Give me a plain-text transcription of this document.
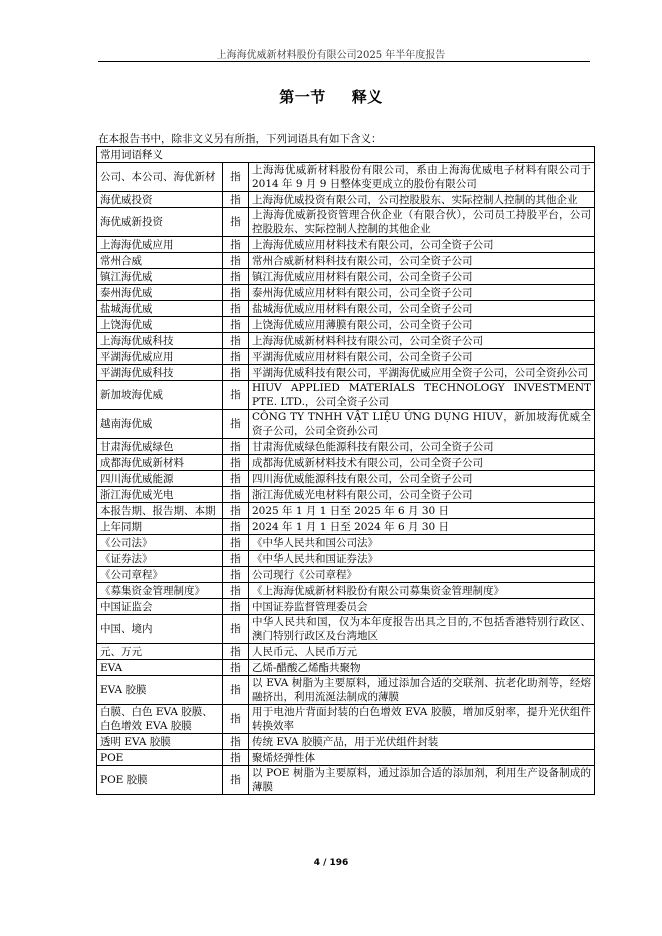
上海海优威新材料股份有限公司2025 年半年度报告
第一节 释义
在本报告书中，除非文义另有所指，下列词语具有如下含义：
常用词语释义		
公司、本公司、海优新材	指	上海海优威新材料股份有限公司，系由上海海优威电子材料有限公司于 2014 年 9 月 9 日整体变更成立的股份有限公司
海优威投资	指	上海海优威投资有限公司，公司控股股东、实际控制人控制的其他企业
海优威新投资	指	上海海优威新投资管理合伙企业（有限合伙），公司员工持股平台，公司控股股东、实际控制人控制的其他企业
上海海优威应用	指	上海海优威应用材料技术有限公司，公司全资子公司
常州合威	指	常州合威新材料科技有限公司，公司全资子公司
镇江海优威	指	镇江海优威应用材料有限公司，公司全资子公司
泰州海优威	指	泰州海优威应用材料有限公司，公司全资子公司
盐城海优威	指	盐城海优威应用材料有限公司，公司全资子公司
上饶海优威	指	上饶海优威应用薄膜有限公司，公司全资子公司
上海海优威科技	指	上海海优威新材料科技有限公司，公司全资子公司
平湖海优威应用	指	平湖海优威应用材料有限公司，公司全资子公司
平湖海优威科技	指	平湖海优威科技有限公司，平湖海优威应用全资子公司，公司全资孙公司
新加坡海优威	指	HIUV APPLIED MATERIALS TECHNOLOGY INVESTMENT PTE. LTD.，公司全资子公司
越南海优威	指	CÔNG TY TNHH VẬT LIỆU ỨNG DỤNG HIUV，新加坡海优威全资子公司，公司全资孙公司
甘肃海优威绿色	指	甘肃海优威绿色能源科技有限公司，公司全资子公司
成都海优威新材料	指	成都海优威新材料技术有限公司，公司全资子公司
四川海优威能源	指	四川海优威能源科技有限公司，公司全资子公司
浙江海优威光电	指	浙江海优威光电材料有限公司，公司全资子公司
本报告期、报告期、本期	指	2025 年 1 月 1 日至 2025 年 6 月 30 日
上年同期	指	2024 年 1 月 1 日至 2024 年 6 月 30 日
《公司法》	指	《中华人民共和国公司法》
《证券法》	指	《中华人民共和国证券法》
《公司章程》	指	公司现行《公司章程》
《募集资金管理制度》	指	《上海海优威新材料股份有限公司募集资金管理制度》
中国证监会	指	中国证券监督管理委员会
中国、境内	指	中华人民共和国，仅为本年度报告出具之目的,不包括香港特别行政区、澳门特别行政区及台湾地区
元、万元	指	人民币元、人民币万元
EVA	指	乙烯-醋酸乙烯酯共聚物
EVA 胶膜	指	以 EVA 树脂为主要原料，通过添加合适的交联剂、抗老化助剂等，经熔融挤出，利用流涎法制成的薄膜
白膜、白色 EVA 胶膜、白色增效 EVA 胶膜	指	用于电池片背面封装的白色增效 EVA 胶膜，增加反射率，提升光伏组件转换效率
透明 EVA 胶膜	指	传统 EVA 胶膜产品，用于光伏组件封装
POE	指	聚烯烃弹性体
POE 胶膜	指	以 POE 树脂为主要原料，通过添加合适的添加剂，利用生产设备制成的薄膜
4 / 196
